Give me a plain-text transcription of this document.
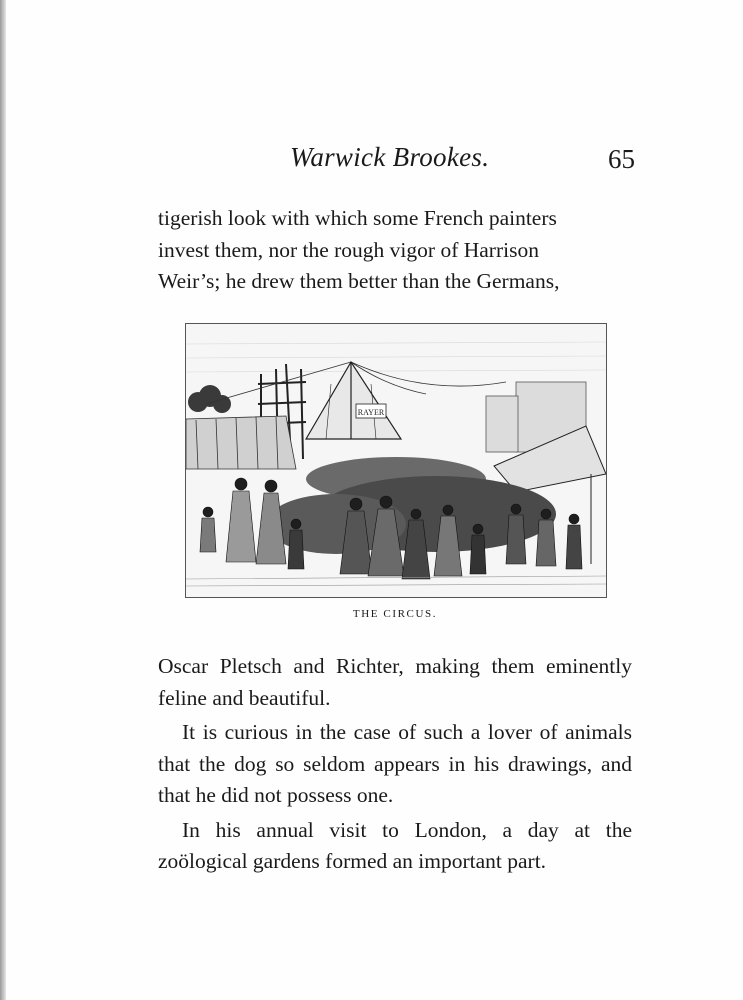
Warwick Brookes.	65

tigerish look with which some French painters

invest them, nor the rough vigor of Harrison

Weir’s; he drew them better than the Germans,

RAYER
THE CIRCUS.

Oscar Pletsch and Richter, making them eminently feline and beautiful.

It is curious in the case of such a lover of animals that the dog so seldom appears in his drawings, and that he did not possess one.

In his annual visit to London, a day at the zoölogical gardens formed an important part.
